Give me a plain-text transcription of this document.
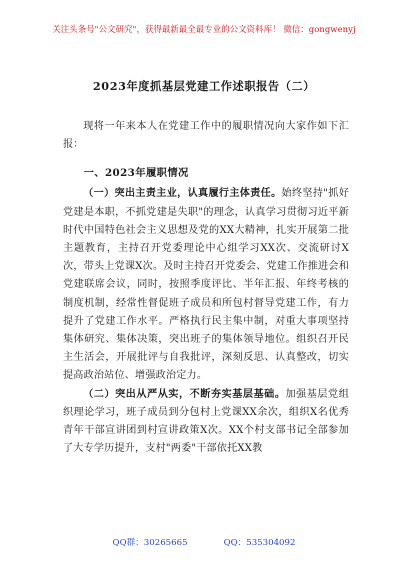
关注头条号"公文研究"，获得最新最全最专业的公文资料库！ 微信：gongwenyj
2023年度抓基层党建工作述职报告（二）

现将一年来本人在党建工作中的履职情况向大家作如下汇报：

一、2023年履职情况

（一）突出主责主业，认真履行主体责任。始终坚持"抓好党建是本职，不抓党建是失职"的理念，认真学习贯彻习近平新时代中国特色社会主义思想及党的XX大精神，扎实开展第二批主题教育，主持召开党委理论中心组学习XX次、交流研讨X次，带头上党课X次。及时主持召开党委会、党建工作推进会和党建联席会议，同时，按照季度评比、半年汇报、年终考核的制度机制，经常性督促班子成员和所包村督导党建工作，有力提升了党建工作水平。严格执行民主集中制，对重大事项坚持集体研究、集体决策，突出班子的集体领导地位。组织召开民主生活会，开展批评与自我批评，深刻反思、认真整改，切实提高政治站位、增强政治定力。

（二）突出从严从实，不断夯实基层基础。加强基层党组织理论学习，班子成员到分包村上党课XX余次，组织X名优秀青年干部宣讲团到村宣讲政策X次。XX个村支部书记全部参加了大专学历提升，支村"两委"干部依托XX教

QQ群：30265665	QQ：535304092
